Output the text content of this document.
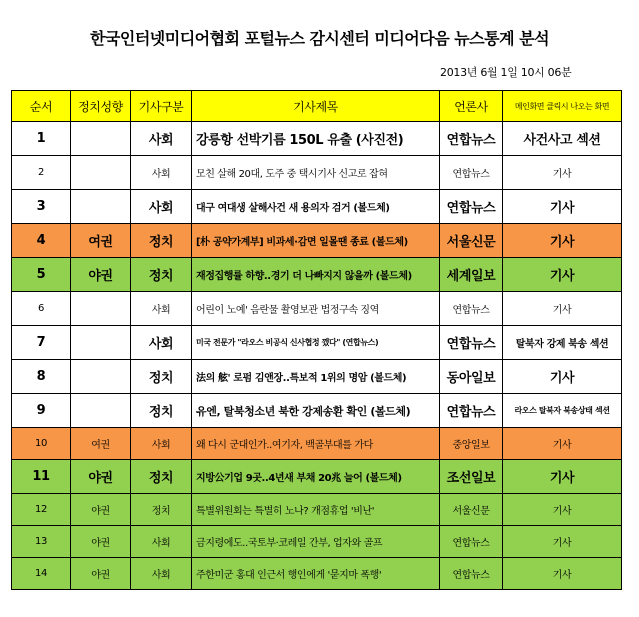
한국인터넷미디어협회 포털뉴스 감시센터 미디어다음 뉴스통계 분석
2013년 6월 1일 10시 06분
순서	정치성향	기사구분	기사제목	언론사	메인화면 클릭시 나오는 화면
1		사회	강릉항 선박기름 150L 유출 (사진전)	연합뉴스	사건사고 섹션
2		사회	모친 살해 20대, 도주 중 택시기사 신고로 잡혀	연합뉴스	기사
3		사회	대구 여대생 살해사건 새 용의자 검거 (볼드체)	연합뉴스	기사
4	여권	정치	[朴 공약가계부] 비과세·감면 일몰땐 종료 (볼드체)	서울신문	기사
5	야권	정치	재정집행률 하향..경기 더 나빠지지 않을까 (볼드체)	세계일보	기사
6		사회	어린이 노예' 음란물 촬영보관 법정구속 징역	연합뉴스	기사
7		사회	미국 전문가 "라오스 비공식 신사협정 깼다" (연합뉴스)	연합뉴스	탈북자 강제 북송 섹션
8		정치	法의 舷' 로펌 김앤장..특보적 1위의 명암 (볼드체)	동아일보	기사
9		정치	유엔, 탈북청소년 북한 강제송환 확인 (볼드체)	연합뉴스	라오스 탈북자 북송상태 섹션
10	여권	사회	왜 다시 군대인가..여기자, 백골부대를 가다	중앙일보	기사
11	야권	정치	지방公기업 9곳..4년새 부채 20兆 늘어 (볼드체)	조선일보	기사
12	야권	정치	특별위원회는 특별히 노나? 개점휴업 '비난'	서울신문	기사
13	야권	사회	금지령에도..국토부·코레일 간부, 업자와 골프	연합뉴스	기사
14	야권	사회	주한미군 홍대 인근서 행인에게 '묻지마 폭행'	연합뉴스	기사
